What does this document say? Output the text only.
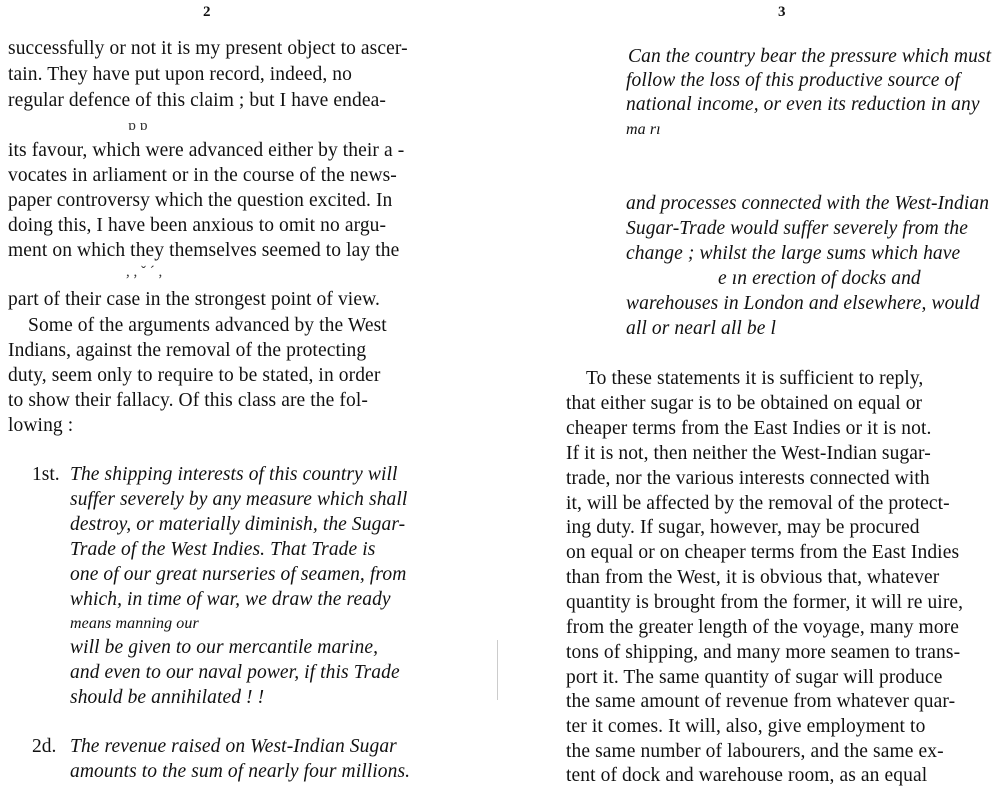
2
successfully or not it is my present object to ascer-
tain. They have put upon record, indeed, no
regular defence of this claim ; but I have endea-
ɒ ɒ
its favour, which were advanced either by their a -
vocates in arliament or in the course of the news-
paper controversy which the question excited. In
doing this, I have been anxious to omit no argu-
ment on which they themselves seemed to lay the
, , ˇ ˊ ,
part of their case in the strongest point of view.
Some of the arguments advanced by the West
Indians, against the removal of the protecting
duty, seem only to require to be stated, in order
to show their fallacy. Of this class are the fol-
lowing :
1st. The shipping interests of this country will
suffer severely by any measure which shall
destroy, or materially diminish, the Sugar-
Trade of the West Indies. That Trade is
one of our great nurseries of seamen, from
which, in time of war, we draw the ready
means manning our
will be given to our mercantile marine,
and even to our naval power, if this Trade
should be annihilated ! !
2d. The revenue raised on West-Indian Sugar
amounts to the sum of nearly four millions.
3
Can the country bear the pressure which must
follow the loss of this productive source of
national income, or even its reduction in any
ma rı
and processes connected with the West-Indian
Sugar-Trade would suffer severely from the
change ; whilst the large sums which have
e ın erection of docks and
warehouses in London and elsewhere, would
all or nearl all be l
To these statements it is sufficient to reply,
that either sugar is to be obtained on equal or
cheaper terms from the East Indies or it is not.
If it is not, then neither the West-Indian sugar-
trade, nor the various interests connected with
it, will be affected by the removal of the protect-
ing duty. If sugar, however, may be procured
on equal or on cheaper terms from the East Indies
than from the West, it is obvious that, whatever
quantity is brought from the former, it will re uire,
from the greater length of the voyage, many more
tons of shipping, and many more seamen to trans-
port it. The same quantity of sugar will produce
the same amount of revenue from whatever quar-
ter it comes. It will, also, give employment to
the same number of labourers, and the same ex-
tent of dock and warehouse room, as an equal
